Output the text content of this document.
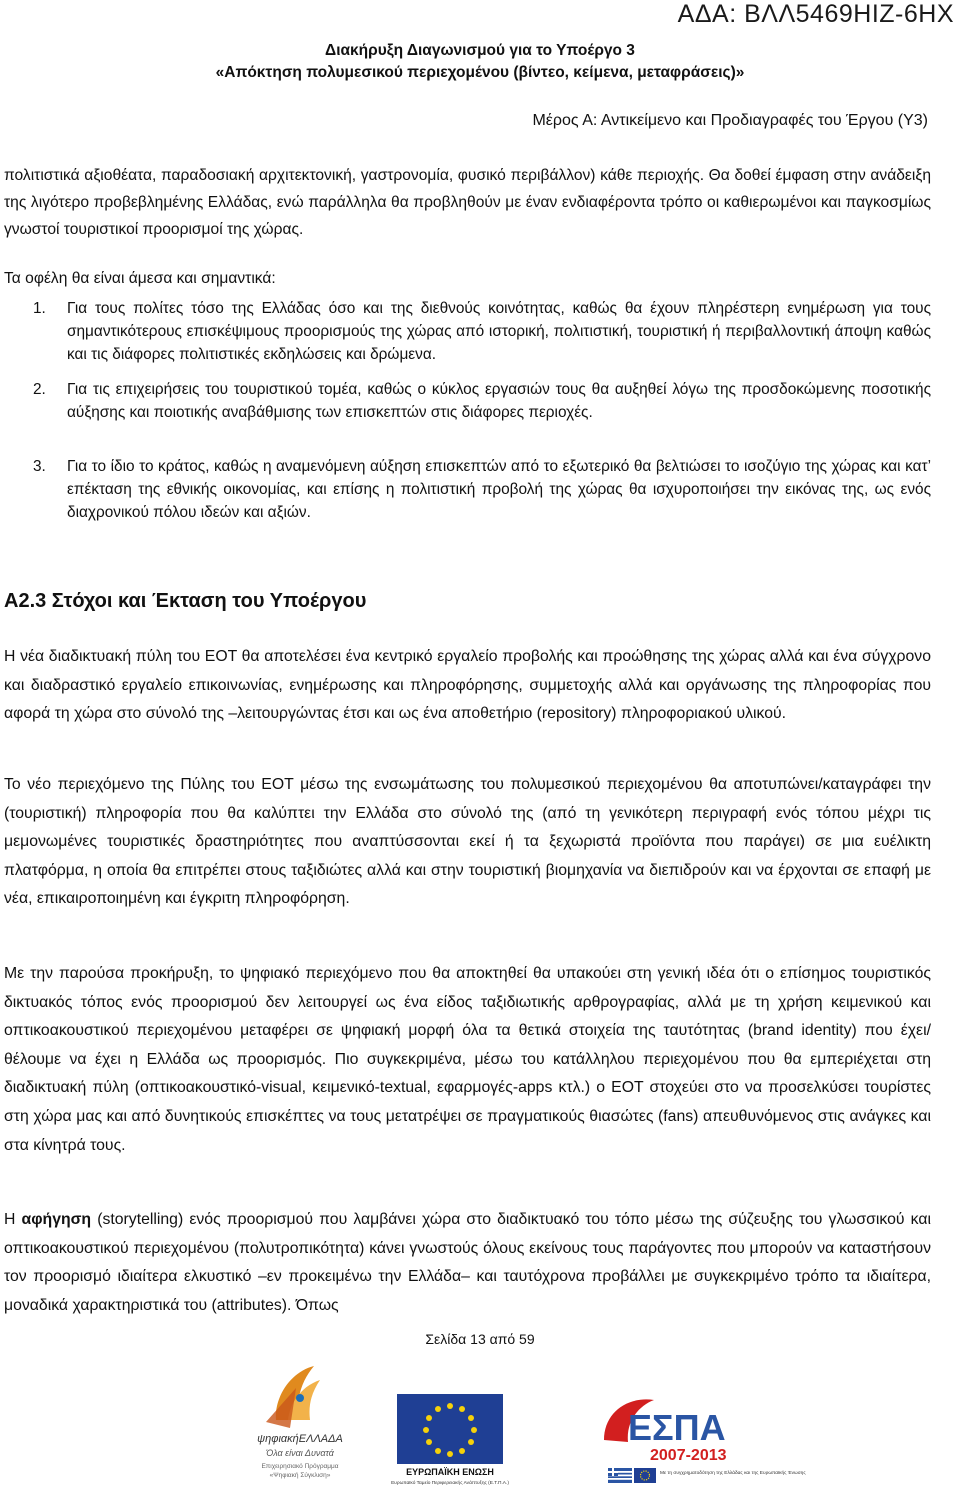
ΑΔΑ: ΒΛΛ5469ΗΙΖ-6ΗΧ
Διακήρυξη Διαγωνισμού για το Υποέργο 3
«Απόκτηση πολυμεσικού περιεχομένου (βίντεο, κείμενα, μεταφράσεις)»
Μέρος Α: Αντικείμενο και Προδιαγραφές του Έργου (Υ3)
πολιτιστικά αξιοθέατα, παραδοσιακή αρχιτεκτονική, γαστρονομία, φυσικό περιβάλλον) κάθε περιοχής. Θα δοθεί έμφαση στην ανάδειξη της λιγότερο προβεβλημένης Ελλάδας, ενώ παράλληλα θα προβληθούν με έναν ενδιαφέροντα τρόπο οι καθιερωμένοι και παγκοσμίως γνωστοί τουριστικοί προορισμοί της χώρας.
Τα οφέλη θα είναι άμεσα και σημαντικά:
1.	Για τους πολίτες τόσο της Ελλάδας όσο και της διεθνούς κοινότητας, καθώς θα έχουν πληρέστερη ενημέρωση για τους σημαντικότερους επισκέψιμους προορισμούς της χώρας από ιστορική, πολιτιστική, τουριστική ή περιβαλλοντική άποψη καθώς και τις διάφορες πολιτιστικές εκδηλώσεις και δρώμενα.
2.	Για τις επιχειρήσεις του τουριστικού τομέα, καθώς ο κύκλος εργασιών τους θα αυξηθεί λόγω της προσδοκώμενης ποσοτικής αύξησης και ποιοτικής αναβάθμισης των επισκεπτών στις διάφορες περιοχές.
3.	Για το ίδιο το κράτος, καθώς η αναμενόμενη αύξηση επισκεπτών από το εξωτερικό θα βελτιώσει το ισοζύγιο της χώρας και κατ’ επέκταση της εθνικής οικονομίας, και επίσης η πολιτιστική προβολή της χώρας θα ισχυροποιήσει την εικόνας της, ως ενός διαχρονικού πόλου ιδεών και αξιών.
Α2.3 Στόχοι και Έκταση του Υποέργου
Η νέα διαδικτυακή πύλη του ΕΟΤ θα αποτελέσει ένα κεντρικό εργαλείο προβολής και προώθησης της χώρας αλλά και ένα σύγχρονο και διαδραστικό εργαλείο επικοινωνίας, ενημέρωσης και πληροφόρησης, συμμετοχής αλλά και οργάνωσης της πληροφορίας που αφορά τη χώρα στο σύνολό της –λειτουργώντας έτσι και ως ένα αποθετήριο (repository) πληροφοριακού υλικού.
Το νέο περιεχόμενο της Πύλης του ΕΟΤ μέσω της ενσωμάτωσης του πολυμεσικού περιεχομένου θα αποτυπώνει/καταγράφει την (τουριστική) πληροφορία που θα καλύπτει την Ελλάδα στο σύνολό της (από τη γενικότερη περιγραφή ενός τόπου μέχρι τις μεμονωμένες τουριστικές δραστηριότητες που αναπτύσσονται εκεί ή τα ξεχωριστά προϊόντα που παράγει) σε μια ευέλικτη πλατφόρμα, η οποία θα επιτρέπει στους ταξιδιώτες αλλά και στην τουριστική βιομηχανία να διεπιδρούν και να έρχονται σε επαφή με νέα, επικαιροποιημένη και έγκριτη πληροφόρηση.
Με την παρούσα προκήρυξη, το ψηφιακό περιεχόμενο που θα αποκτηθεί θα υπακούει στη γενική ιδέα ότι ο επίσημος τουριστικός δικτυακός τόπος ενός προορισμού δεν λειτουργεί ως ένα είδος ταξιδιωτικής αρθρογραφίας, αλλά με τη χρήση κειμενικού και οπτικοακουστικού περιεχομένου μεταφέρει σε ψηφιακή μορφή όλα τα θετικά στοιχεία της ταυτότητας (brand identity) που έχει/θέλουμε να έχει η Ελλάδα ως προορισμός. Πιο συγκεκριμένα, μέσω του κατάλληλου περιεχομένου που θα εμπεριέχεται στη διαδικτυακή πύλη (οπτικοακουστικό-visual, κειμενικό-textual, εφαρμογές-apps κτλ.) ο ΕΟΤ στοχεύει στο να προσελκύσει τουρίστες στη χώρα μας και από δυνητικούς επισκέπτες να τους μετατρέψει σε πραγματικούς θιασώτες (fans) απευθυνόμενος στις ανάγκες και στα κίνητρά τους.
Η αφήγηση (storytelling) ενός προορισμού που λαμβάνει χώρα στο διαδικτυακό του τόπο μέσω της σύζευξης του γλωσσικού και οπτικοακουστικού περιεχομένου (πολυτροπικότητα) κάνει γνωστούς όλους εκείνους τους παράγοντες που μπορούν να καταστήσουν τον προορισμό ιδιαίτερα ελκυστικό –εν προκειμένω την Ελλάδα– και ταυτόχρονα προβάλλει με συγκεκριμένο τρόπο τα ιδιαίτερα, μοναδικά χαρακτηριστικά του (attributes). Όπως
Σελίδα 13 από 59
ψηφιακήΕΛΛΑΔΑ
Όλα είναι Δυνατά
Επιχειρησιακό Πρόγραμμα
«Ψηφιακή Σύγκλιση»	ΕΥΡΩΠΑΪΚΗ ΕΝΩΣΗ
Ευρωπαϊκό Ταμείο Περιφερειακής Ανάπτυξης (Ε.Τ.Π.Α.)
ΕΣΠΑ
2007-2013
Με τη συγχρηματοδότηση της Ελλάδας και της Ευρωπαϊκής Ένωσης
